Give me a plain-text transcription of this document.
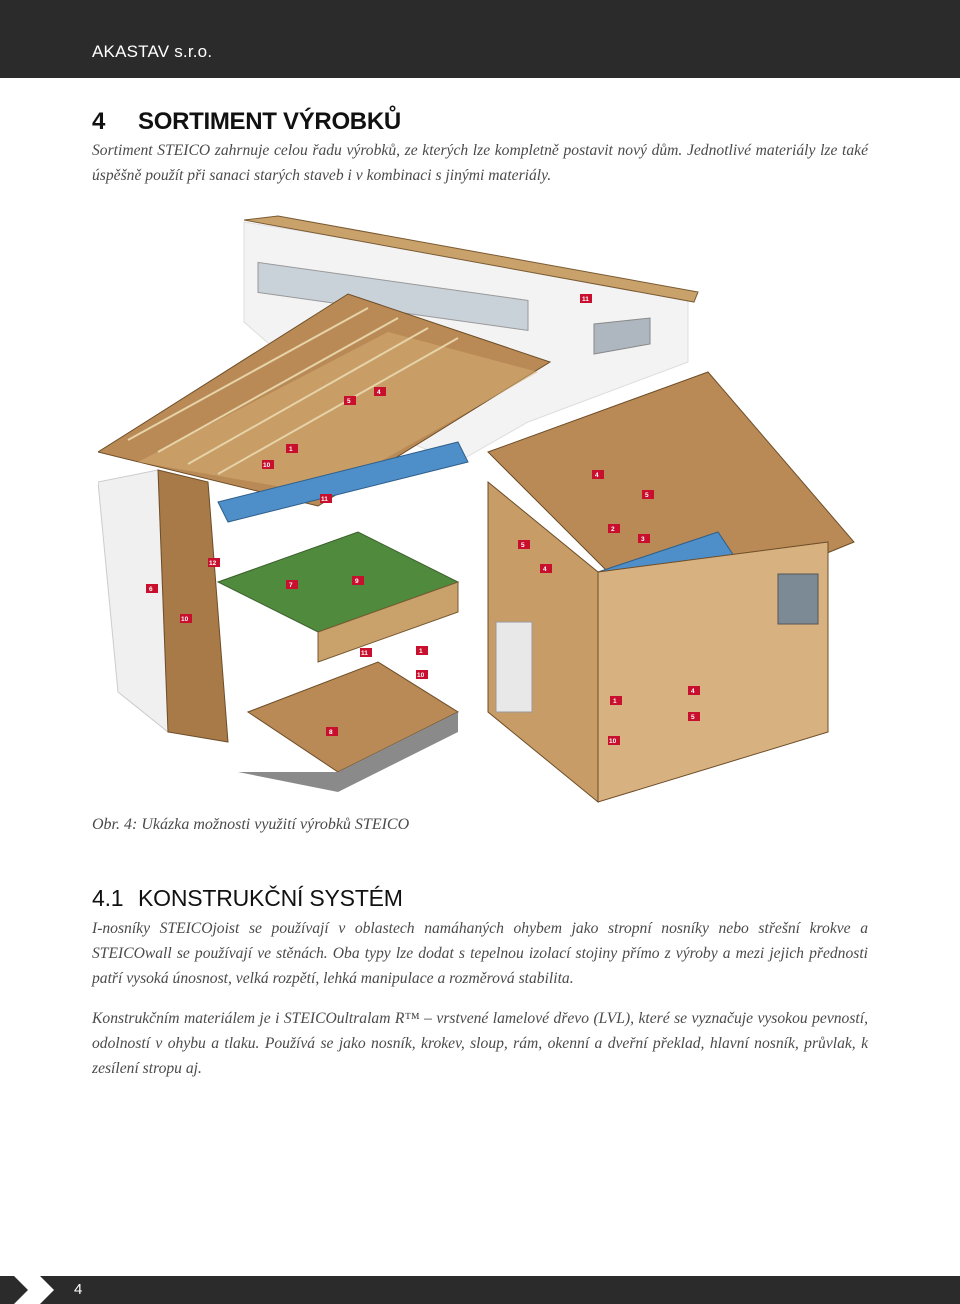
AKASTAV s.r.o.
4 SORTIMENT VÝROBKŮ

Sortiment STEICO zahrnuje celou řadu výrobků, ze kterých lze kompletně postavit nový dům. Jednotlivé materiály lze také úspěšně použít při sanaci starých staveb i v kombinaci s jinými materiály.

11
5
4
1
10
11
12
6
10
7
9
11	1
10
8
4
5
2
3
5
4
1
10
4
5
Obr. 4: Ukázka možnosti využití výrobků STEICO
4.1 KONSTRUKČNÍ SYSTÉM

I-nosníky STEICOjoist se používají v oblastech namáhaných ohybem jako stropní nosníky nebo střešní krokve a STEICOwall se používají ve stěnách. Oba typy lze dodat s tepelnou izolací stojiny přímo z výroby a mezi jejich přednosti patří vysoká únosnost, velká rozpětí, lehká manipulace a rozměrová stabilita.

Konstrukčním materiálem je i STEICOultralam R™ – vrstvené lamelové dřevo (LVL), které se vyznačuje vysokou pevností, odolností v ohybu a tlaku. Používá se jako nosník, krokev, sloup, rám, okenní a dveřní překlad, hlavní nosník, průvlak, k zesílení stropu aj.

4
